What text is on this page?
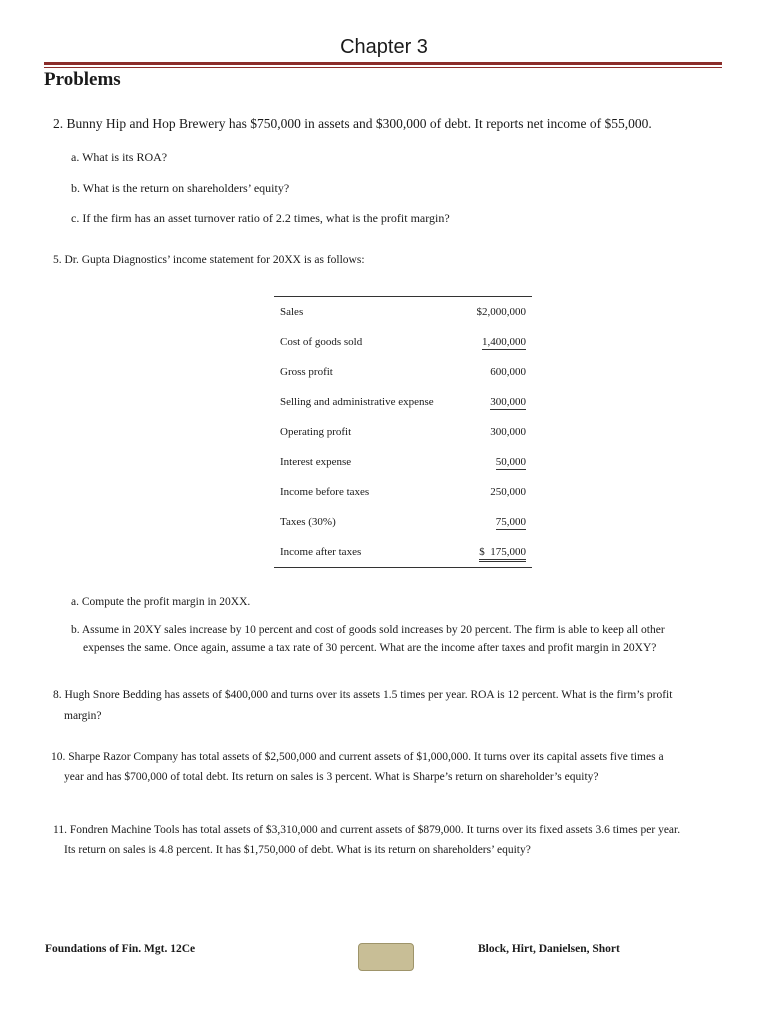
Chapter 3
Problems
2. Bunny Hip and Hop Brewery has $750,000 in assets and $300,000 of debt. It reports net income of $55,000.
a. What is its ROA?
b. What is the return on shareholders’ equity?
c. If the firm has an asset turnover ratio of 2.2 times, what is the profit margin?
5. Dr. Gupta Diagnostics’ income statement for 20XX is as follows:
Sales	$2,000,000
Cost of goods sold	1,400,000
Gross profit	600,000
Selling and administrative expense	300,000
Operating profit	300,000
Interest expense	50,000
Income before taxes	250,000
Taxes (30%)	75,000
Income after taxes	$  175,000
a. Compute the profit margin in 20XX.
b. Assume in 20XY sales increase by 10 percent and cost of goods sold increases by 20 percent. The firm is able to keep all other
expenses the same. Once again, assume a tax rate of 30 percent. What are the income after taxes and profit margin in 20XY?
8. Hugh Snore Bedding has assets of $400,000 and turns over its assets 1.5 times per year. ROA is 12 percent. What is the firm’s profit
margin?
10. Sharpe Razor Company has total assets of $2,500,000 and current assets of $1,000,000. It turns over its capital assets five times a
year and has $700,000 of total debt. Its return on sales is 3 percent. What is Sharpe’s return on shareholder’s equity?
11. Fondren Machine Tools has total assets of $3,310,000 and current assets of $879,000. It turns over its fixed assets 3.6 times per year.
Its return on sales is 4.8 percent. It has $1,750,000 of debt. What is its return on shareholders’ equity?
Foundations of Fin. Mgt. 12Ce	Block, Hirt, Danielsen, Short
